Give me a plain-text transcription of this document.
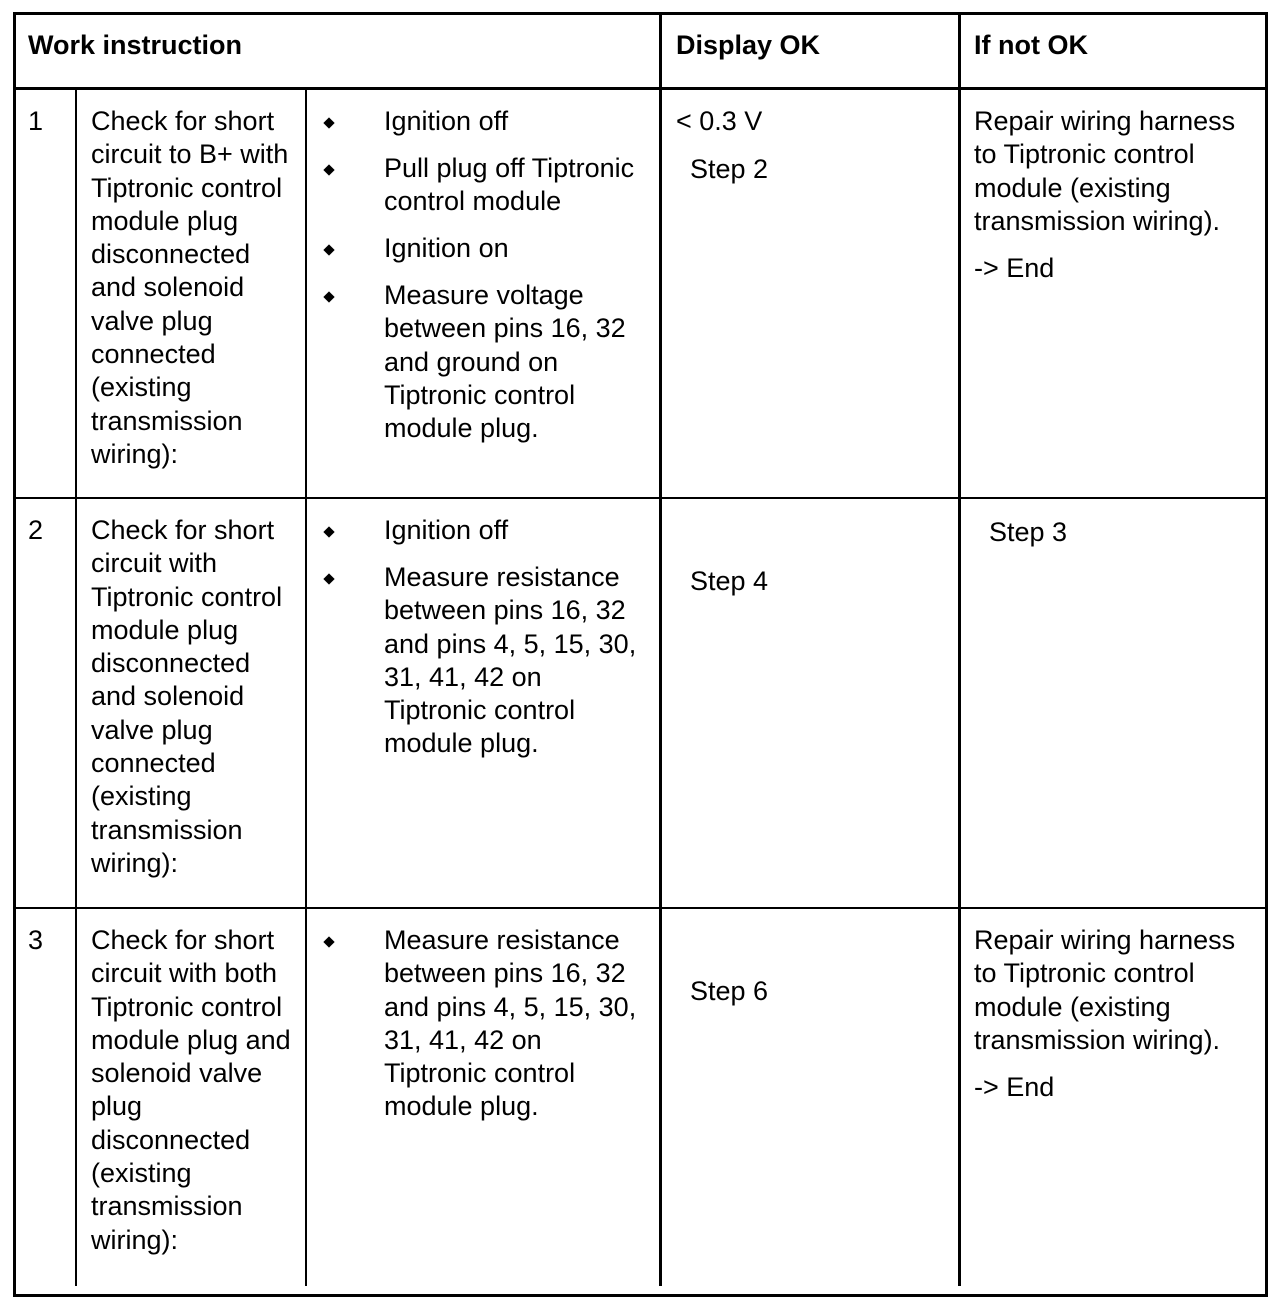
Work instruction	Display OK	If not OK
1 Check for short
circuit to B+ with
Tiptronic control
module plug
disconnected
and solenoid
valve plug
connected
(existing
transmission
wiring):
Ignition off
Pull plug off Tiptronic
control module
Ignition on
Measure voltage
between pins 16, 32
and ground on
Tiptronic control
module plug.
< 0.3 V
Step 2
Repair wiring harness
to Tiptronic control
module (existing
transmission wiring).
-> End
2 Check for short
circuit with
Tiptronic control
module plug
disconnected
and solenoid
valve plug
connected
(existing
transmission
wiring):
Ignition off
Measure resistance
between pins 16, 32
and pins 4, 5, 15, 30,
31, 41, 42 on
Tiptronic control
module plug.
Step 4
Step 3
3 Check for short
circuit with both
Tiptronic control
module plug and
solenoid valve
plug
disconnected
(existing
transmission
wiring):
Measure resistance
between pins 16, 32
and pins 4, 5, 15, 30,
31, 41, 42 on
Tiptronic control
module plug.
Step 6
Repair wiring harness
to Tiptronic control
module (existing
transmission wiring).
-> End
